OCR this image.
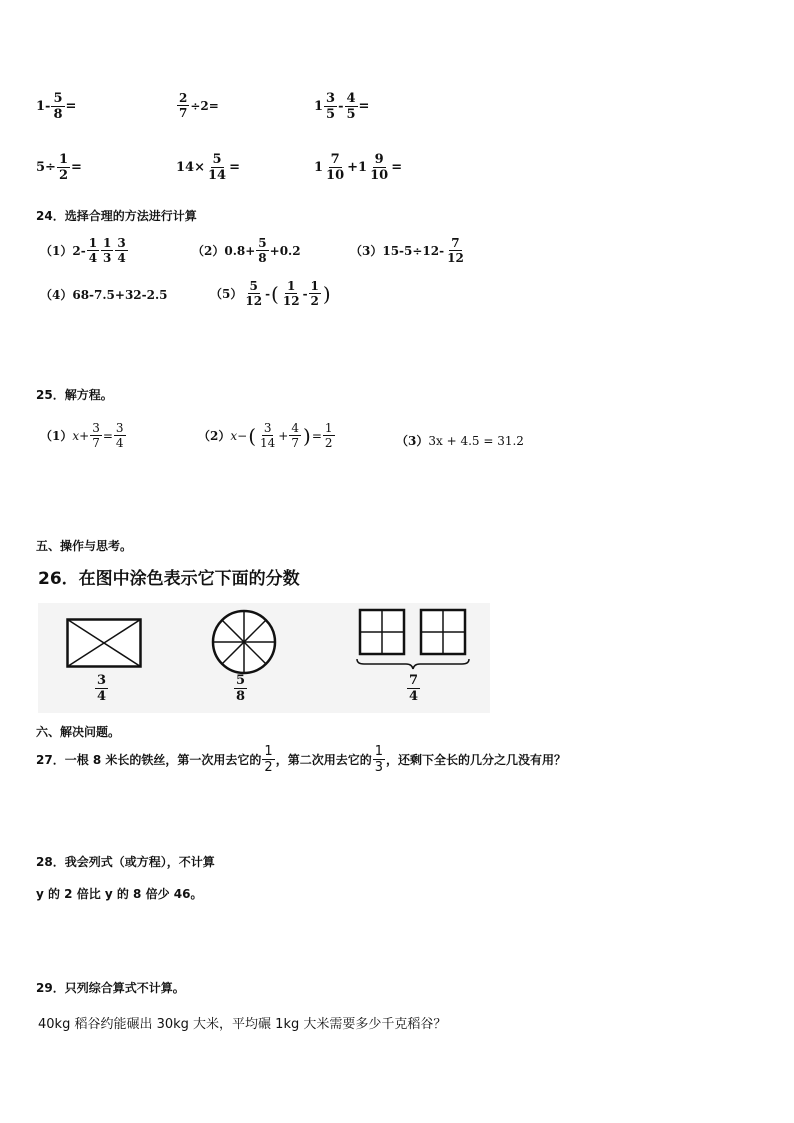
$1- \frac{5}{8}$ =	$\frac{2}{7} \div 2=$	$1 \frac{3}{5} - \frac{4}{5}$ =
$5\div \frac{1}{2}$ =	$14\times \frac{5}{14}$ =	$1 \frac{7}{10} +1 \frac{9}{10}$ =
24．选择合理的方法进行计算
$(1)2- \frac{1}{4} \frac{1}{3} \frac{3}{4}$	$(2)0.8+ \frac{5}{8} +0.2$	$(3)15-5\div 12- \frac{7}{12}$
（4）68-7.5+32-2.5	$(5) \frac{5}{12}$ - ( $\frac{1}{12} - \frac{1}{2}$ )
25．解方程。
（1） $x + \frac{3}{7} = \frac{3}{4}$	（2） x − ( $\frac{3}{14} + \frac{4}{7}$ ) = $\frac{1}{2}$	（3） 3x + 4.5 = 31.2
五、操作与思考。
26．在图中涂色表示它下面的分数
$\frac{3}{4}$	$\frac{5}{8}$	$\frac{7}{4}$
六、解决问题。
27．一根 8 米长的铁丝，第一次用去它的 $\frac{1}{2}$ ，第二次用去它的 $\frac{1}{3}$ ，还剩下全长的几分之几没有用？
28．我会列式（或方程），不计算
y 的 2 倍比 y 的 8 倍少 46。
29．只列综合算式不计算。
40kg 稻谷约能碾出 30kg 大米，平均碾 1kg 大米需要多少千克稻谷？
